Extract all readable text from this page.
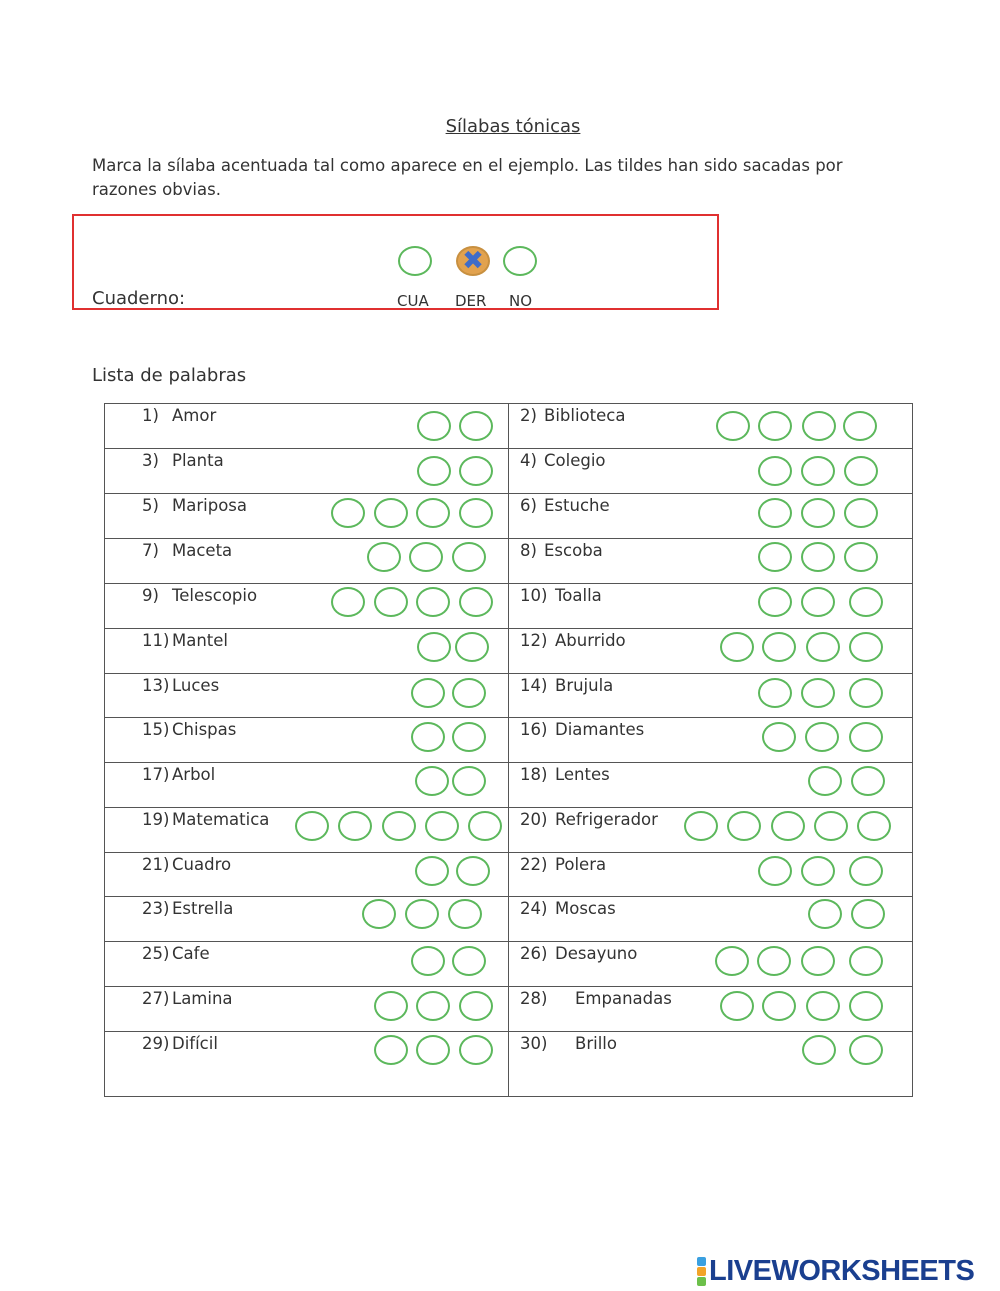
Sílabas tónicas
Marca la sílaba acentuada tal como aparece en el ejemplo. Las tildes han sido sacadas por razones obvias.
Cuaderno:
✖	CUA DER NO
Lista de palabras
1) Amor	2) Biblioteca
3) Planta	4) Colegio
5) Mariposa	6) Estuche
7) Maceta	8) Escoba
9) Telescopio	10) Toalla
11) Mantel	12) Aburrido
13) Luces	14) Brujula
15) Chispas	16) Diamantes
17) Arbol	18) Lentes
19) Matematica	20) Refrigerador
21) Cuadro	22) Polera
23) Estrella	24) Moscas
25) Cafe	26) Desayuno
27) Lamina	28) Empanadas
29) Difícil	30) Brillo
LIVEWORKSHEETS
